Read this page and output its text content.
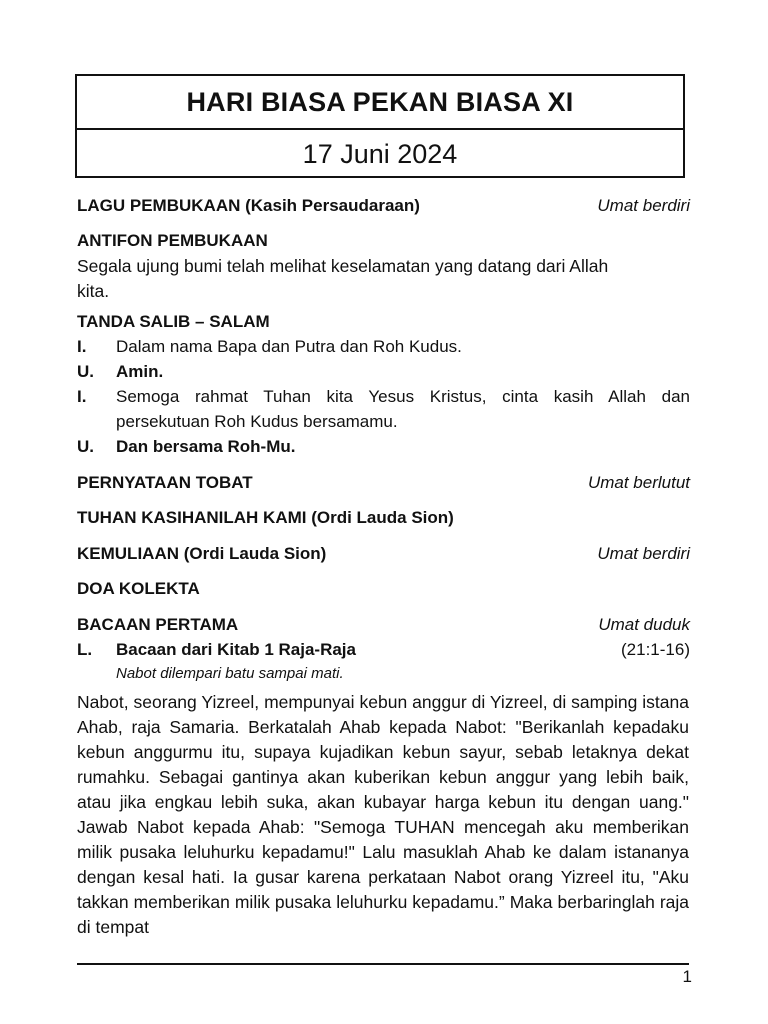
HARI BIASA PEKAN BIASA XI
17 Juni 2024
LAGU PEMBUKAAN (Kasih Persaudaraan)	Umat berdiri
ANTIFON PEMBUKAAN
Segala ujung bumi telah melihat keselamatan yang datang dari Allah
kita.
TANDA SALIB – SALAM
I. Dalam nama Bapa dan Putra dan Roh Kudus.
U. Amin.
I. Semoga rahmat Tuhan kita Yesus Kristus, cinta kasih Allah dan
persekutuan Roh Kudus bersamamu.
U. Dan bersama Roh-Mu.
PERNYATAAN TOBAT	Umat berlutut
TUHAN KASIHANILAH KAMI (Ordi Lauda Sion)
KEMULIAAN (Ordi Lauda Sion)	Umat berdiri
DOA KOLEKTA
BACAAN PERTAMA	Umat duduk
L. Bacaan dari Kitab 1 Raja-Raja	(21:1-16)
Nabot dilempari batu sampai mati.
Nabot, seorang Yizreel, mempunyai kebun anggur di Yizreel, di samping istana Ahab, raja Samaria. Berkatalah Ahab kepada Nabot: "Berikanlah kepadaku kebun anggurmu itu, supaya kujadikan kebun sayur, sebab letaknya dekat rumahku. Sebagai gantinya akan kuberikan kebun anggur yang lebih baik, atau jika engkau lebih suka, akan kubayar harga kebun itu dengan uang." Jawab Nabot kepada Ahab: "Semoga TUHAN mencegah aku memberikan milik pusaka leluhurku kepadamu!" Lalu masuklah Ahab ke dalam istananya dengan kesal hati. Ia gusar karena perkataan Nabot orang Yizreel itu, "Aku takkan memberikan milik pusaka leluhurku kepadamu.” Maka berbaringlah raja di tempat
1
